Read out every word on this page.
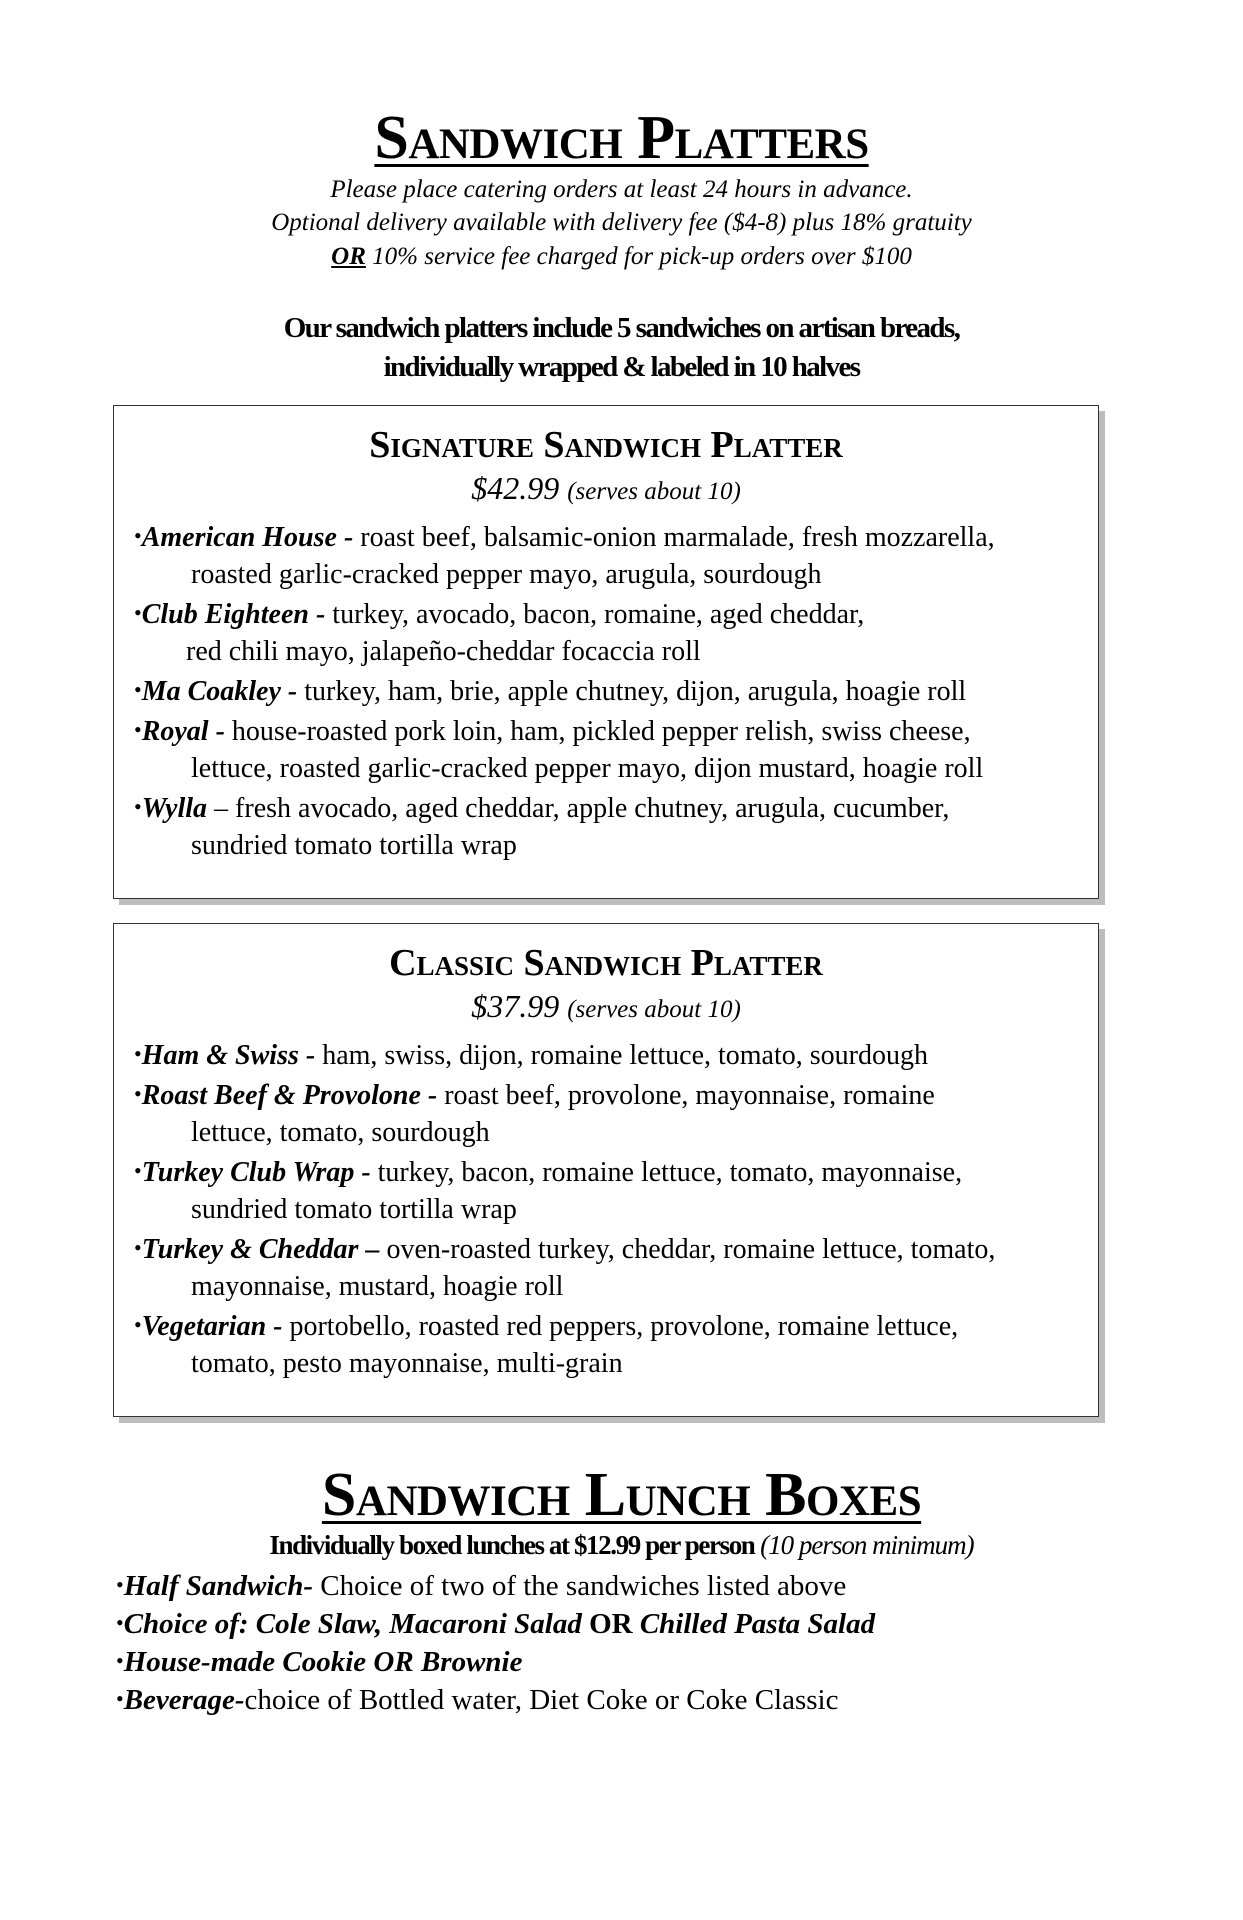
Sandwich Platters
Please place catering orders at least 24 hours in advance.
Optional delivery available with delivery fee ($4-8) plus 18% gratuity
OR 10% service fee charged for pick-up orders over $100
Our sandwich platters include 5 sandwiches on artisan breads,
individually wrapped & labeled in 10 halves
Signature Sandwich Platter
$42.99 (serves about 10)
•American House - roast beef, balsamic-onion marmalade, fresh mozzarella,
roasted garlic-cracked pepper mayo, arugula, sourdough
•Club Eighteen - turkey, avocado, bacon, romaine, aged cheddar,
red chili mayo, jalapeño-cheddar focaccia roll
•Ma Coakley - turkey, ham, brie, apple chutney, dijon, arugula, hoagie roll
•Royal - house-roasted pork loin, ham, pickled pepper relish, swiss cheese,
lettuce, roasted garlic-cracked pepper mayo, dijon mustard, hoagie roll
•Wylla – fresh avocado, aged cheddar, apple chutney, arugula, cucumber,
sundried tomato tortilla wrap
Classic Sandwich Platter
$37.99 (serves about 10)
•Ham & Swiss - ham, swiss, dijon, romaine lettuce, tomato, sourdough
•Roast Beef & Provolone - roast beef, provolone, mayonnaise, romaine
lettuce, tomato, sourdough
•Turkey Club Wrap - turkey, bacon, romaine lettuce, tomato, mayonnaise,
sundried tomato tortilla wrap
•Turkey & Cheddar – oven-roasted turkey, cheddar, romaine lettuce, tomato,
mayonnaise, mustard, hoagie roll
•Vegetarian - portobello, roasted red peppers, provolone, romaine lettuce,
tomato, pesto mayonnaise, multi-grain
Sandwich Lunch Boxes
Individually boxed lunches at $12.99 per person (10 person minimum)
•Half Sandwich- Choice of two of the sandwiches listed above
•Choice of: Cole Slaw, Macaroni Salad OR Chilled Pasta Salad
•House-made Cookie OR Brownie
•Beverage-choice of Bottled water, Diet Coke or Coke Classic
